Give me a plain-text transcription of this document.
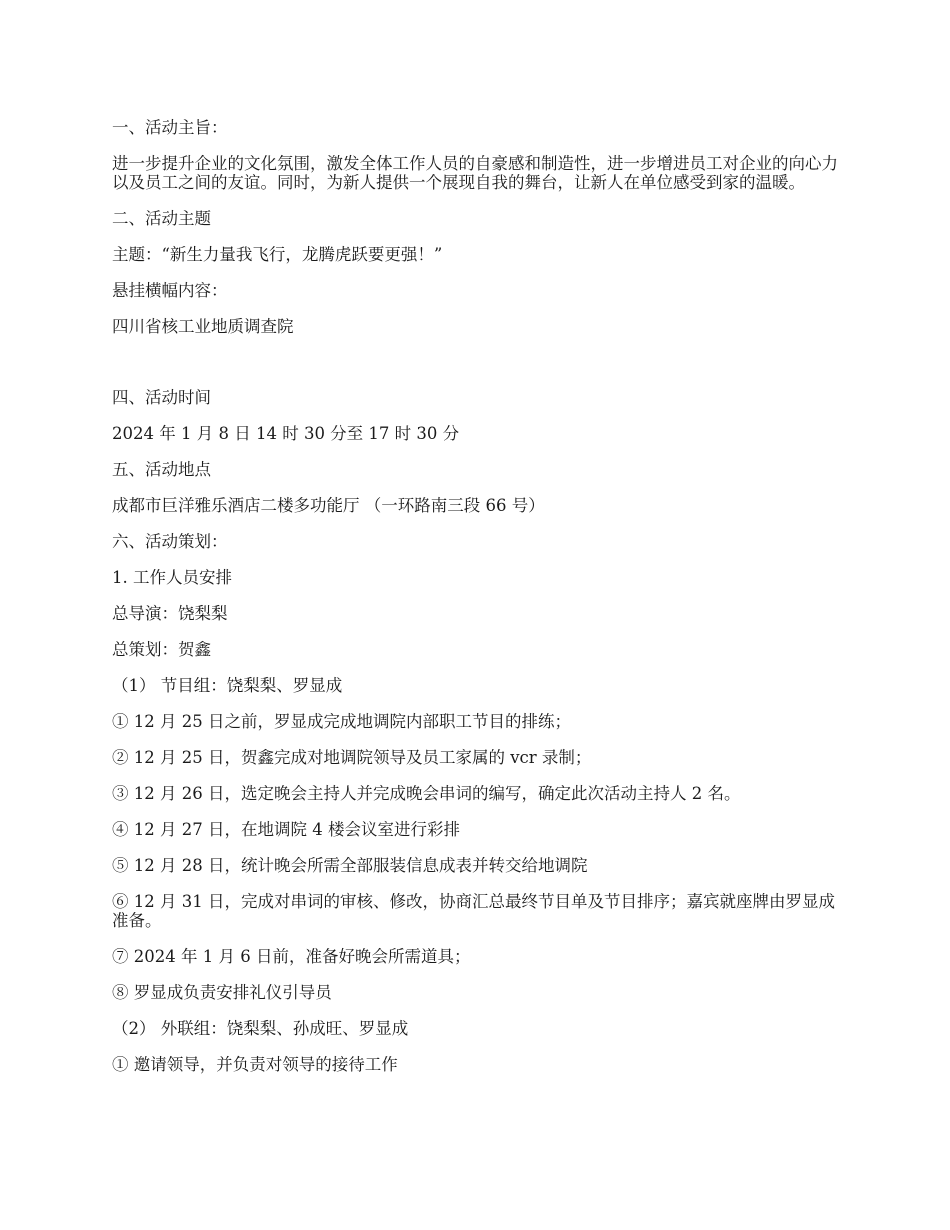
一、活动主旨：

进一步提升企业的文化氛围，激发全体工作人员的自豪感和制造性，进一步增进员工对企业的向心力以及员工之间的友谊。同时，为新人提供一个展现自我的舞台，让新人在单位感受到家的温暖。

二、活动主题

主题：“新生力量我飞行，龙腾虎跃要更强！”

悬挂横幅内容：

四川省核工业地质调查院

四、活动时间

2024 年 1 月 8 日 14 时 30 分至 17 时 30 分

五、活动地点

成都市巨洋雅乐酒店二楼多功能厅 （一环路南三段 66 号）

六、活动策划：

1. 工作人员安排

总导演：饶梨梨

总策划：贺鑫

（1） 节目组：饶梨梨、罗显成

① 12 月 25 日之前，罗显成完成地调院内部职工节目的排练；

② 12 月 25 日，贺鑫完成对地调院领导及员工家属的 vcr 录制；

③ 12 月 26 日，选定晚会主持人并完成晚会串词的编写，确定此次活动主持人 2 名。

④ 12 月 27 日，在地调院 4 楼会议室进行彩排

⑤ 12 月 28 日，统计晚会所需全部服装信息成表并转交给地调院

⑥ 12 月 31 日，完成对串词的审核、修改，协商汇总最终节目单及节目排序；嘉宾就座牌由罗显成准备。

⑦ 2024 年 1 月 6 日前，准备好晚会所需道具；

⑧ 罗显成负责安排礼仪引导员

（2） 外联组：饶梨梨、孙成旺、罗显成

① 邀请领导，并负责对领导的接待工作
